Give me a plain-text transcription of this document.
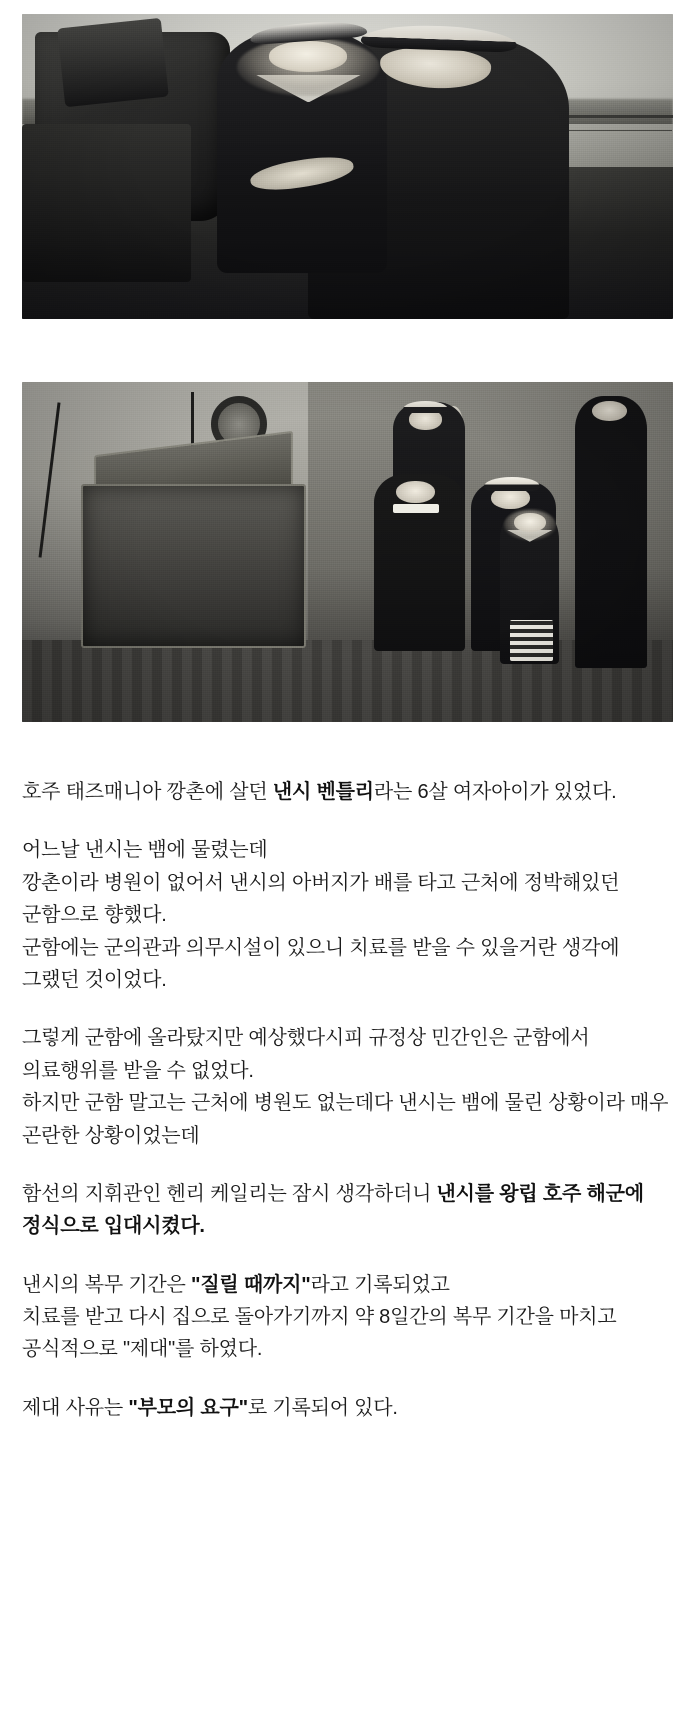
호주 태즈매니아 깡촌에 살던 낸시 벤틀리라는 6살 여자아이가 있었다.

어느날 낸시는 뱀에 물렸는데
깡촌이라 병원이 없어서 낸시의 아버지가 배를 타고 근처에 정박해있던 군함으로 향했다.
군함에는 군의관과 의무시설이 있으니 치료를 받을 수 있을거란 생각에 그랬던 것이었다.

그렇게 군함에 올라탔지만 예상했다시피 규정상 민간인은 군함에서 의료행위를 받을 수 없었다.
하지만 군함 말고는 근처에 병원도 없는데다 낸시는 뱀에 물린 상황이라 매우 곤란한 상황이었는데

함선의 지휘관인 헨리 케일리는 잠시 생각하더니 낸시를 왕립 호주 해군에 정식으로 입대시켰다.

낸시의 복무 기간은 "질릴 때까지"라고 기록되었고
치료를 받고 다시 집으로 돌아가기까지 약 8일간의 복무 기간을 마치고 공식적으로 "제대"를 하였다.

제대 사유는 "부모의 요구"로 기록되어 있다.
